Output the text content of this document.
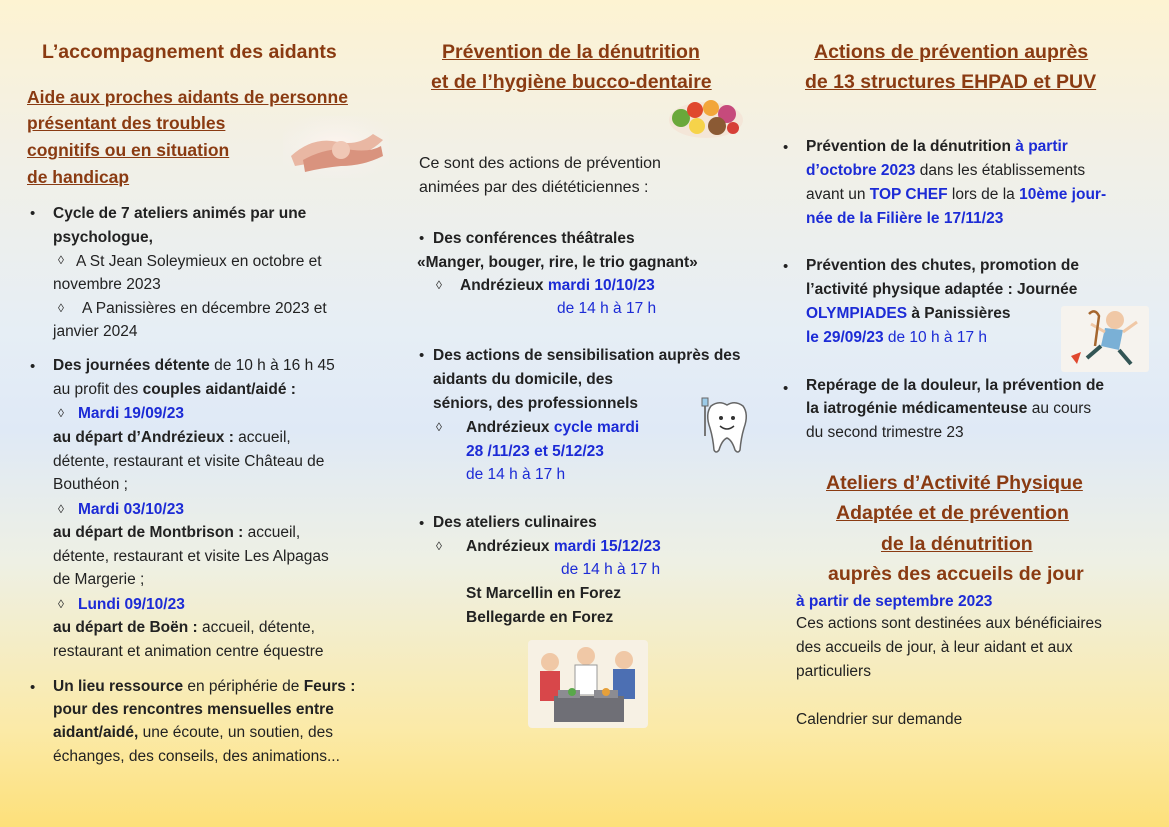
L’accompagnement des aidants
Aide aux proches aidants de personne
présentant des troubles
cognitifs ou en situation
de handicap
• Cycle de 7 ateliers animés par une
psychologue,
◊ A St Jean Soleymieux en octobre et
novembre 2023
◊ A Panissières en décembre 2023 et
janvier 2024
• Des journées détente de 10 h à 16 h 45
au profit des couples aidant/aidé :
◊ Mardi 19/09/23
au départ d’Andrézieux : accueil,
détente, restaurant et visite Château de
Bouthéon ;
◊ Mardi 03/10/23
au départ de Montbrison : accueil,
détente, restaurant et visite Les Alpagas
de Margerie ;
◊ Lundi 09/10/23
au départ de Boën : accueil, détente,
restaurant et animation centre équestre
• Un lieu ressource en périphérie de Feurs :
pour des rencontres mensuelles entre
aidant/aidé, une écoute, un soutien, des
échanges, des conseils, des animations...
Prévention de la dénutrition
et de l’hygiène bucco-dentaire
Ce sont des actions de prévention
animées par des diététiciennes :
• Des conférences théâtrales
«Manger, bouger, rire, le trio gagnant»
◊ Andrézieux mardi 10/10/23
de 14 h à 17 h
• Des actions de sensibilisation auprès des
aidants du domicile, des
séniors, des professionnels
◊ Andrézieux cycle mardi
28 /11/23 et 5/12/23
de 14 h à 17 h
• Des ateliers culinaires
◊ Andrézieux mardi 15/12/23
de 14 h à 17 h
St Marcellin en Forez
Bellegarde en Forez
Actions de prévention auprès
de 13 structures EHPAD et PUV
• Prévention de la dénutrition à partir
d’octobre 2023 dans les établissements
avant un TOP CHEF lors de la 10ème jour-
née de la Filière le 17/11/23
• Prévention des chutes, promotion de
l’activité physique adaptée : Journée
OLYMPIADES à Panissières
le 29/09/23 de 10 h à 17 h
• Repérage de la douleur, la prévention de
la iatrogénie médicamenteuse au cours
du second trimestre 23
Ateliers d’Activité Physique
Adaptée et de prévention
de la dénutrition
auprès des accueils de jour
à partir de septembre 2023
Ces actions sont destinées aux bénéficiaires
des accueils de jour, à leur aidant et aux
particuliers
Calendrier sur demande
